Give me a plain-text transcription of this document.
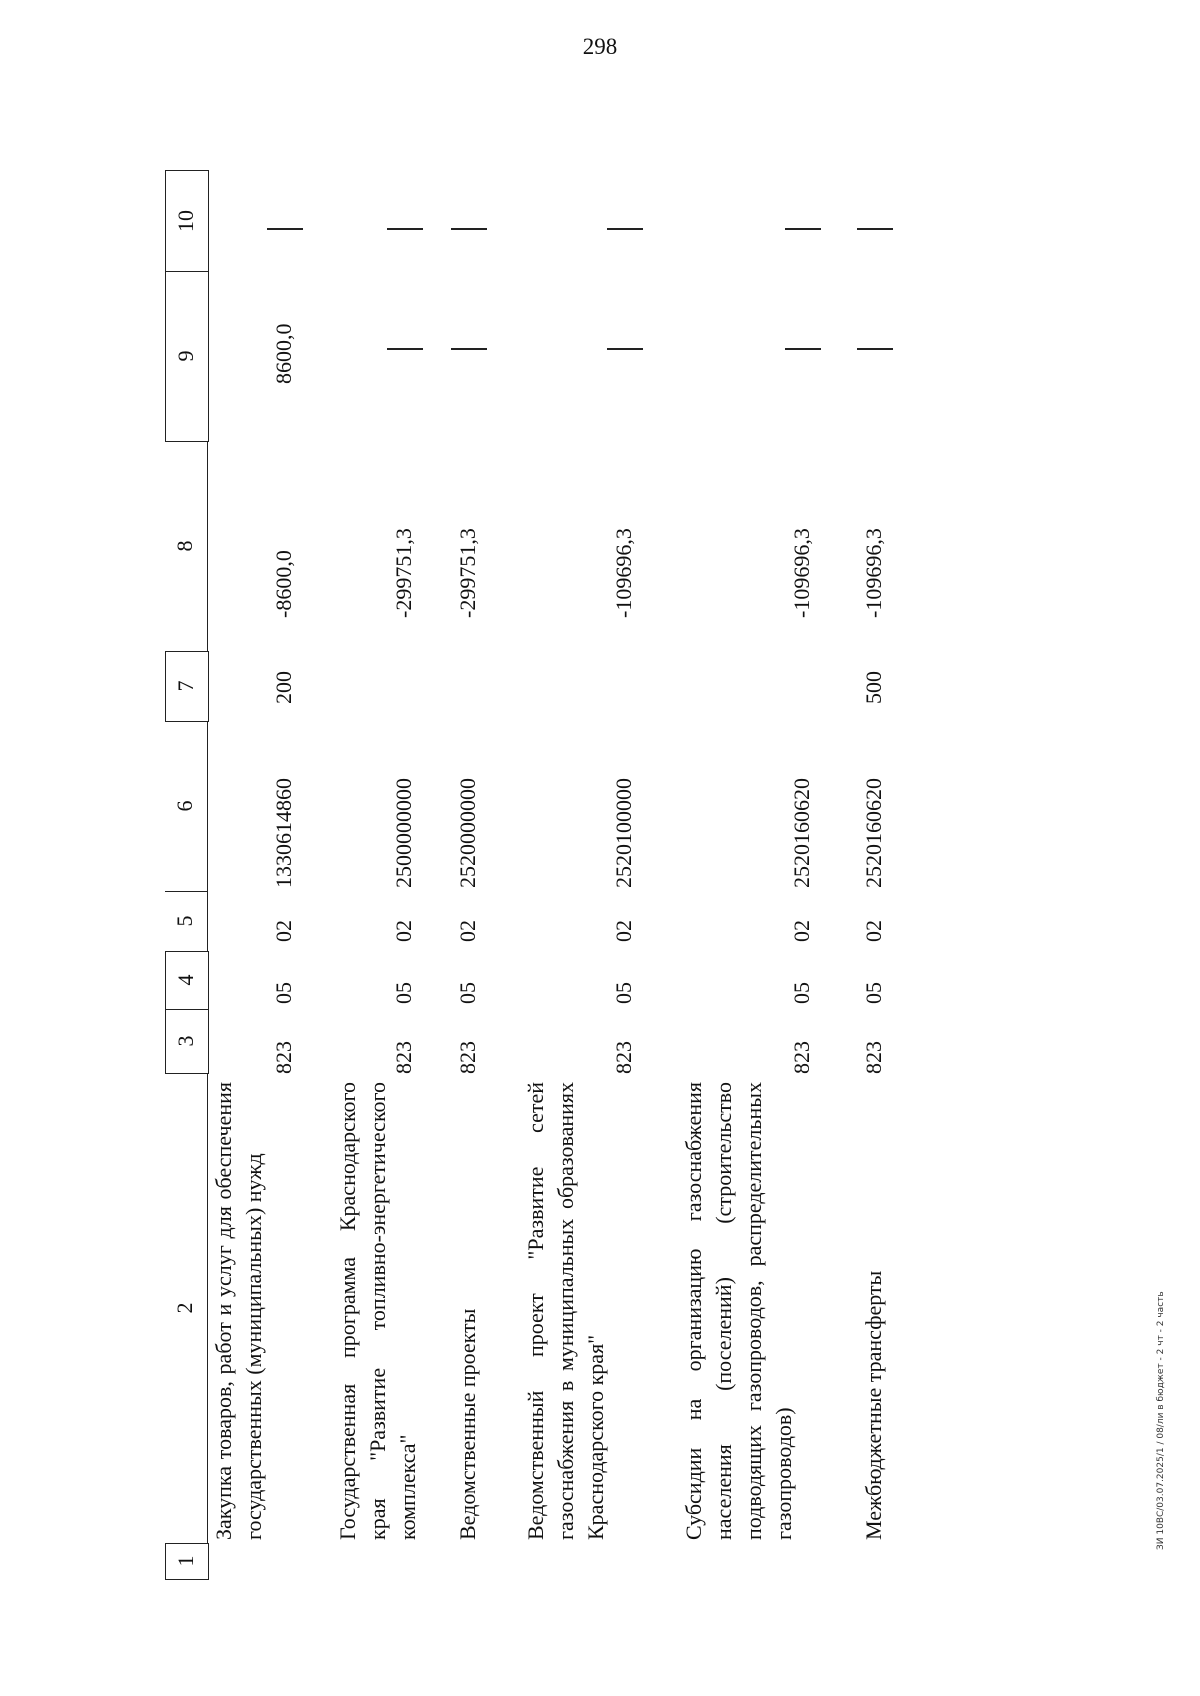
298
1
2
3
4
5
6
7
8
9
10
Закупка товаров, работ и услуг для обеспечения государственных (муниципальных) нужд
823
05
02
1330614860
200
-8600,0
8600,0
Государственная программа Краснодарского края "Развитие топливно-энергетического комплекса"
823
05
02
2500000000
-299751,3
Ведомственные проекты
823
05
02
2520000000
-299751,3
Ведомственный проект "Развитие сетей газоснабжения в муниципальных образованиях Краснодарского края"
823
05
02
2520100000
-109696,3
Субсидии на организацию газоснабжения населения (поселений) (строительство подводящих газопроводов, распределительных газопроводов)
823
05
02
2520160620
-109696,3
Межбюджетные трансферты
823
05
02
2520160620
500
-109696,3
ЗИ 10ВС/03.07.2025/1 / 08/ли в бюджет - 2 чт - 2 часть
